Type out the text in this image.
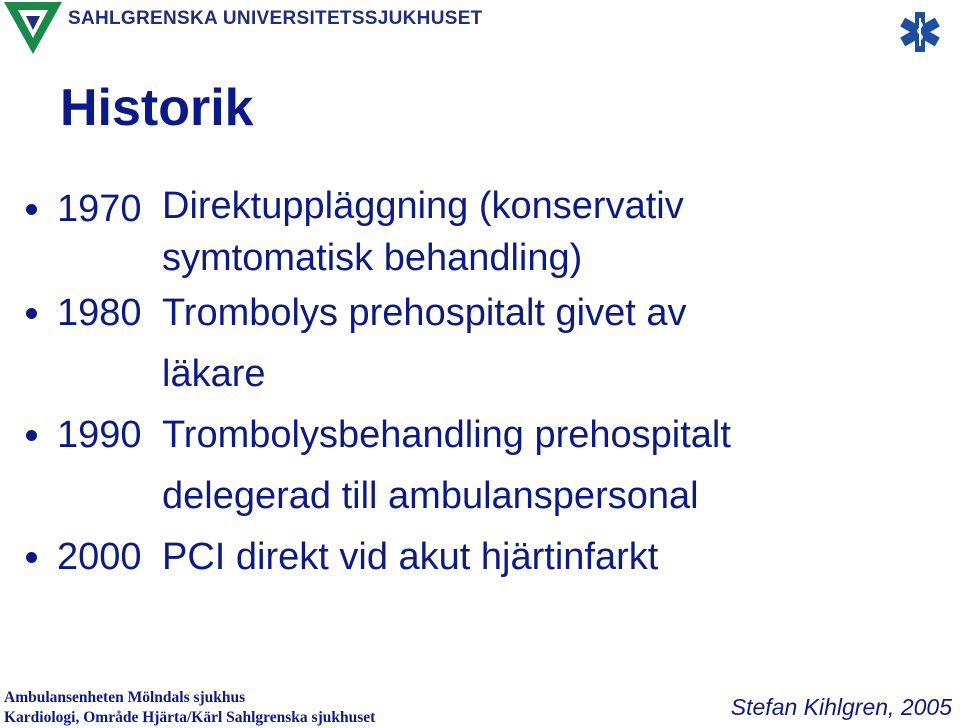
SAHLGRENSKA UNIVERSITETSSJUKHUSET
Historik
1970 Direktuppläggning (konservativ
symtomatisk behandling)
1980 Trombolys prehospitalt givet av
läkare
1990 Trombolysbehandling prehospitalt
delegerad till ambulanspersonal
2000 PCI direkt vid akut hjärtinfarkt
Ambulansenheten Mölndals sjukhus
Kardiologi, Område Hjärta/Kärl Sahlgrenska sjukhuset	Stefan Kihlgren, 2005
